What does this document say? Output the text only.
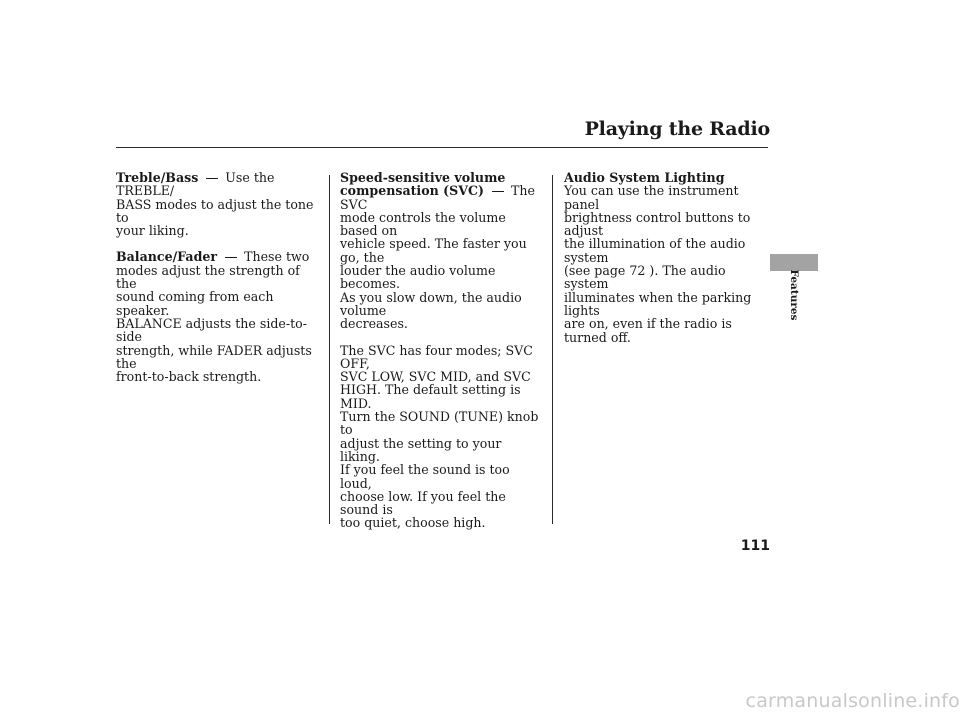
Playing the Radio

Treble/Bass Use the TREBLE/
BASS modes to adjust the tone to
your liking.

Balance/Fader These two
modes adjust the strength of the
sound coming from each speaker.
BALANCE adjusts the side-to-side
strength, while FADER adjusts the
front-to-back strength.

Speed-sensitive volume
compensation (SVC) The SVC
mode controls the volume based on
vehicle speed. The faster you go, the
louder the audio volume becomes.
As you slow down, the audio volume
decreases.

The SVC has four modes; SVC OFF,
SVC LOW, SVC MID, and SVC
HIGH. The default setting is MID.
Turn the SOUND (TUNE) knob to
adjust the setting to your liking.
If you feel the sound is too loud,
choose low. If you feel the sound is
too quiet, choose high.

Audio System Lighting
You can use the instrument panel
brightness control buttons to adjust
the illumination of the audio system
(see page 72 ). The audio system
illuminates when the parking lights
are on, even if the radio is turned off.

Features
111
carmanualsonline.info
